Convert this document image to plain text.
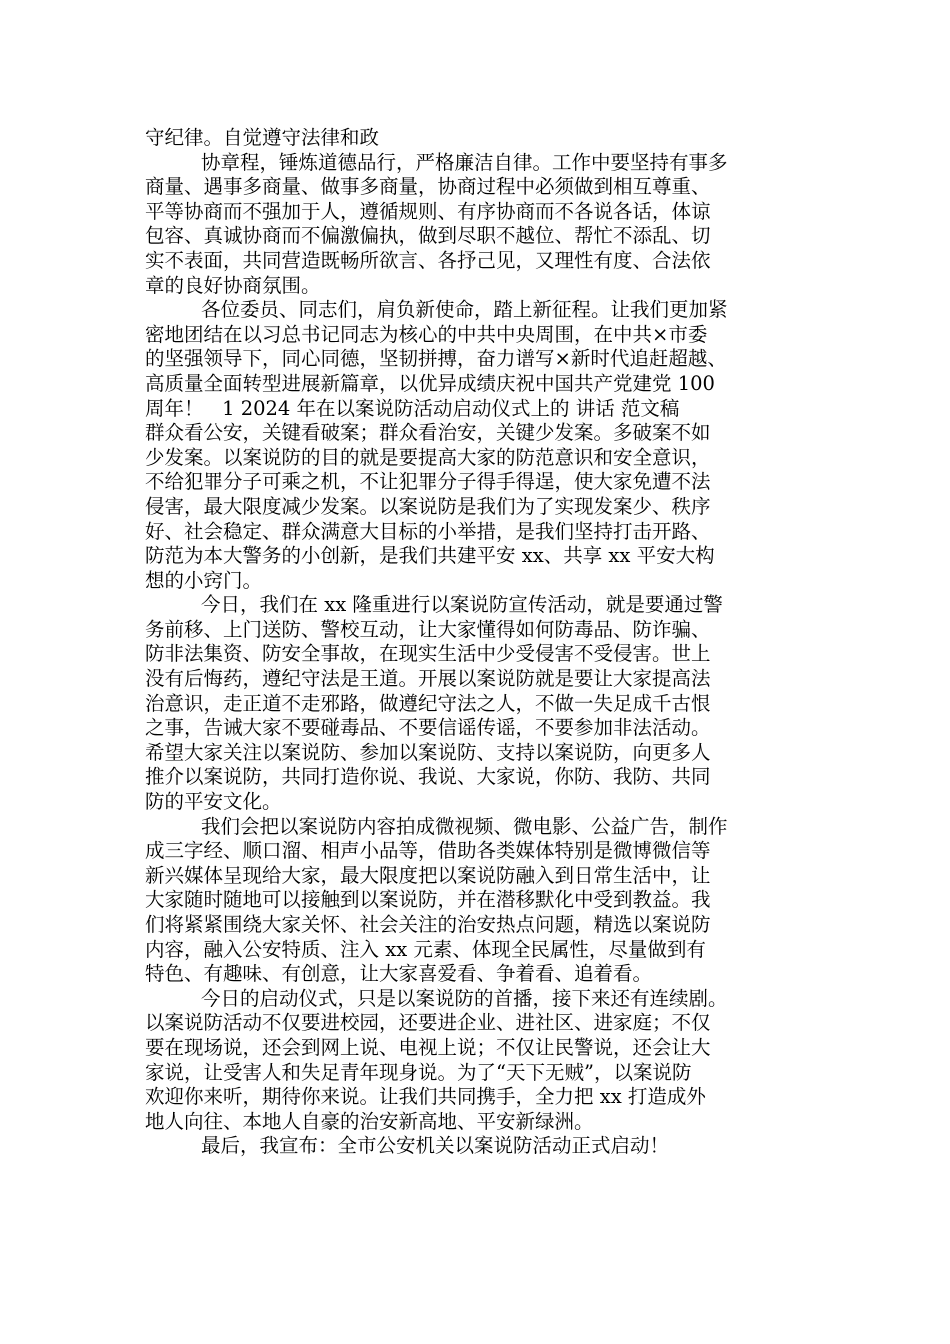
守纪律。自觉遵守法律和政

协章程，锤炼道德品行，严格廉洁自律。工作中要坚持有事多

商量、遇事多商量、做事多商量，协商过程中必须做到相互尊重、

平等协商而不强加于人，遵循规则、有序协商而不各说各话，体谅

包容、真诚协商而不偏激偏执，做到尽职不越位、帮忙不添乱、切

实不表面，共同营造既畅所欲言、各抒己见，又理性有度、合法依

章的良好协商氛围。

各位委员、同志们，肩负新使命，踏上新征程。让我们更加紧

密地团结在以习总书记同志为核心的中共中央周围，在中共×市委

的坚强领导下，同心同德，坚韧拼搏，奋力谱写×新时代追赶超越、

高质量全面转型进展新篇章，以优异成绩庆祝中国共产党建党 100

周年！   1 2024 年在以案说防活动启动仪式上的 讲话 范文稿

群众看公安，关键看破案；群众看治安，关键少发案。多破案不如

少发案。以案说防的目的就是要提高大家的防范意识和安全意识，

不给犯罪分子可乘之机，不让犯罪分子得手得逞，使大家免遭不法

侵害，最大限度减少发案。以案说防是我们为了实现发案少、秩序

好、社会稳定、群众满意大目标的小举措，是我们坚持打击开路、

防范为本大警务的小创新，是我们共建平安 xx、共享 xx 平安大构

想的小窍门。

今日，我们在 xx 隆重进行以案说防宣传活动，就是要通过警

务前移、上门送防、警校互动，让大家懂得如何防毒品、防诈骗、

防非法集资、防安全事故，在现实生活中少受侵害不受侵害。世上

没有后悔药，遵纪守法是王道。开展以案说防就是要让大家提高法

治意识，走正道不走邪路，做遵纪守法之人，不做一失足成千古恨

之事，告诫大家不要碰毒品、不要信谣传谣，不要参加非法活动。

希望大家关注以案说防、参加以案说防、支持以案说防，向更多人

推介以案说防，共同打造你说、我说、大家说，你防、我防、共同

防的平安文化。

我们会把以案说防内容拍成微视频、微电影、公益广告，制作

成三字经、顺口溜、相声小品等，借助各类媒体特别是微博微信等

新兴媒体呈现给大家，最大限度把以案说防融入到日常生活中，让

大家随时随地可以接触到以案说防，并在潜移默化中受到教益。我

们将紧紧围绕大家关怀、社会关注的治安热点问题，精选以案说防

内容，融入公安特质、注入 xx 元素、体现全民属性，尽量做到有

特色、有趣味、有创意，让大家喜爱看、争着看、追着看。

今日的启动仪式，只是以案说防的首播，接下来还有连续剧。

以案说防活动不仅要进校园，还要进企业、进社区、进家庭；不仅

要在现场说，还会到网上说、电视上说；不仅让民警说，还会让大

家说，让受害人和失足青年现身说。为了“天下无贼”，以案说防

欢迎你来听，期待你来说。让我们共同携手，全力把 xx 打造成外

地人向往、本地人自豪的治安新高地、平安新绿洲。

最后，我宣布：全市公安机关以案说防活动正式启动！
